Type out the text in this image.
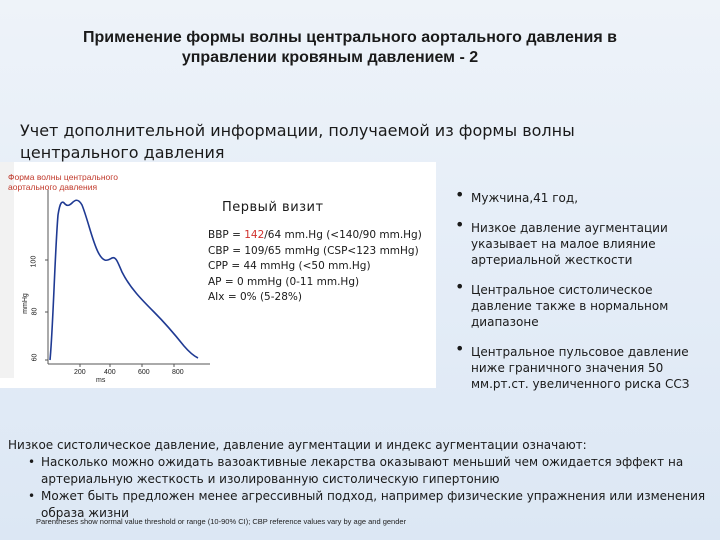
Применение формы волны центрального аортального давления в
управлении кровяным давлением - 2
Учет дополнительной информации, получаемой из формы волны центрального давления
Форма волны центрального аортального давления
100
80
60
mmHg
200	400	600	800
ms
Первый визит
BBP = 142/64 mm.Hg (<140/90 mm.Hg)
CBP = 109/65 mmHg (CSP<123 mmHg)
CPP = 44 mmHg (<50 mm.Hg)
AP = 0 mmHg (0-11 mm.Hg)
AIx = 0% (5-28%)
• Мужчина,41 год,
• Низкое давление аугментации указывает на малое влияние артериальной жесткости
• Центральное систолическое давление также в нормальном диапазоне
• Центральное пульсовое давление ниже граничного значения 50 мм.рт.ст. увеличенного риска ССЗ
Низкое систолическое давление, давление аугментации и индекс аугментации означают:
• Насколько можно ожидать вазоактивные лекарства оказывают меньший чем ожидается эффект на артериальную жесткость и изолированную систолическую гипертонию
• Может быть предложен менее агрессивный подход, например физические упражнения или изменения образа жизни
Parentheses show normal value threshold or range (10-90% CI); CBP reference values vary by age and gender
